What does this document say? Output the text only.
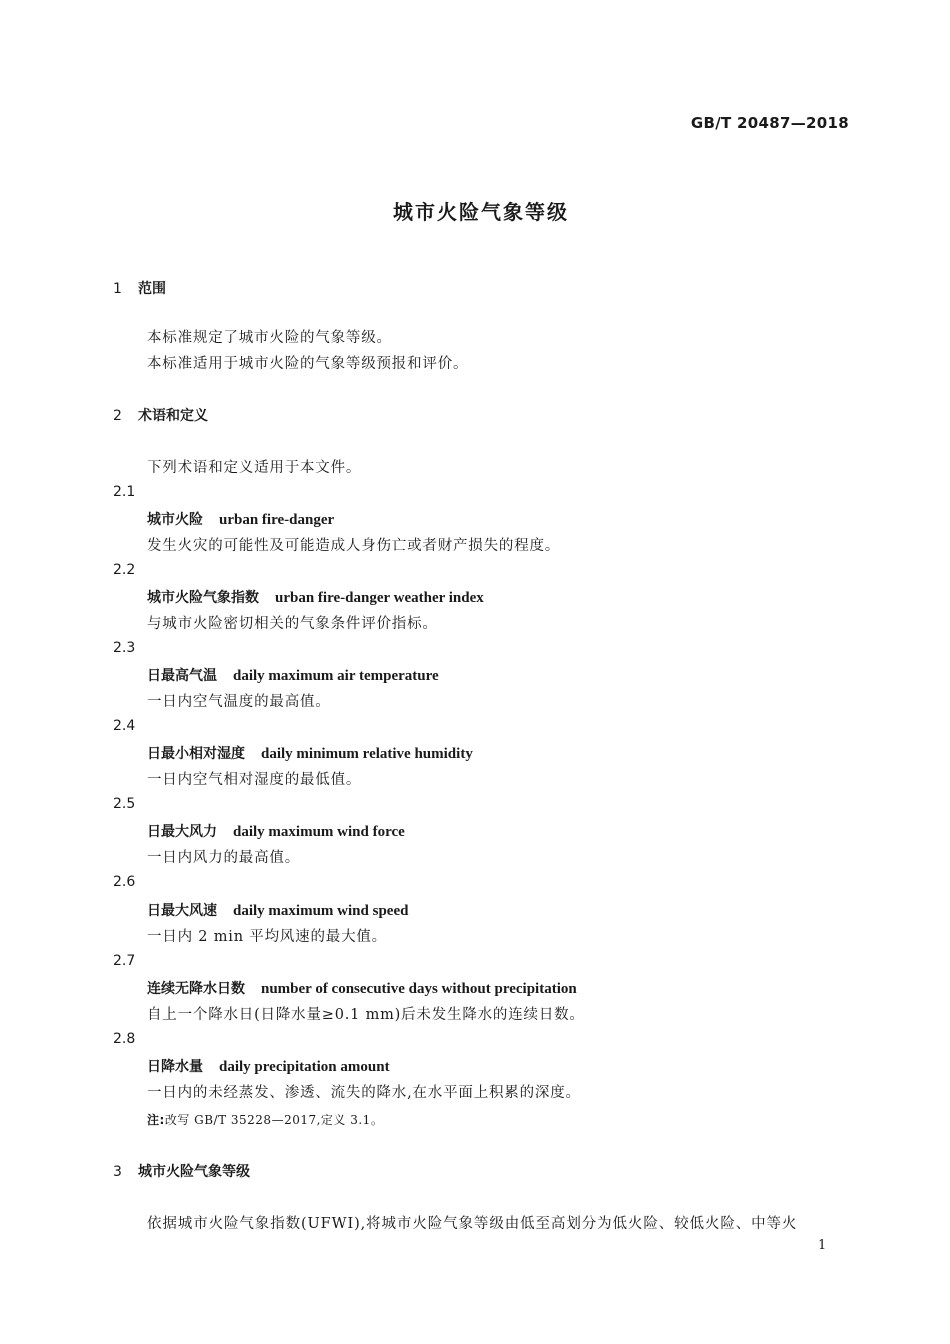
GB/T 20487—2018
城市火险气象等级
1 范围
本标准规定了城市火险的气象等级。
本标准适用于城市火险的气象等级预报和评价。
2 术语和定义
下列术语和定义适用于本文件。
2.1
城市火险 urban fire-danger
发生火灾的可能性及可能造成人身伤亡或者财产损失的程度。
2.2
城市火险气象指数 urban fire-danger weather index
与城市火险密切相关的气象条件评价指标。
2.3
日最高气温 daily maximum air temperature
一日内空气温度的最高值。
2.4
日最小相对湿度 daily minimum relative humidity
一日内空气相对湿度的最低值。
2.5
日最大风力 daily maximum wind force
一日内风力的最高值。
2.6
日最大风速 daily maximum wind speed
一日内 2 min 平均风速的最大值。
2.7
连续无降水日数 number of consecutive days without precipitation
自上一个降水日(日降水量≥0.1 mm)后未发生降水的连续日数。
2.8
日降水量 daily precipitation amount
一日内的未经蒸发、渗透、流失的降水,在水平面上积累的深度。
注:改写 GB/T 35228—2017,定义 3.1。
3 城市火险气象等级
依据城市火险气象指数(UFWI),将城市火险气象等级由低至高划分为低火险、较低火险、中等火
1
